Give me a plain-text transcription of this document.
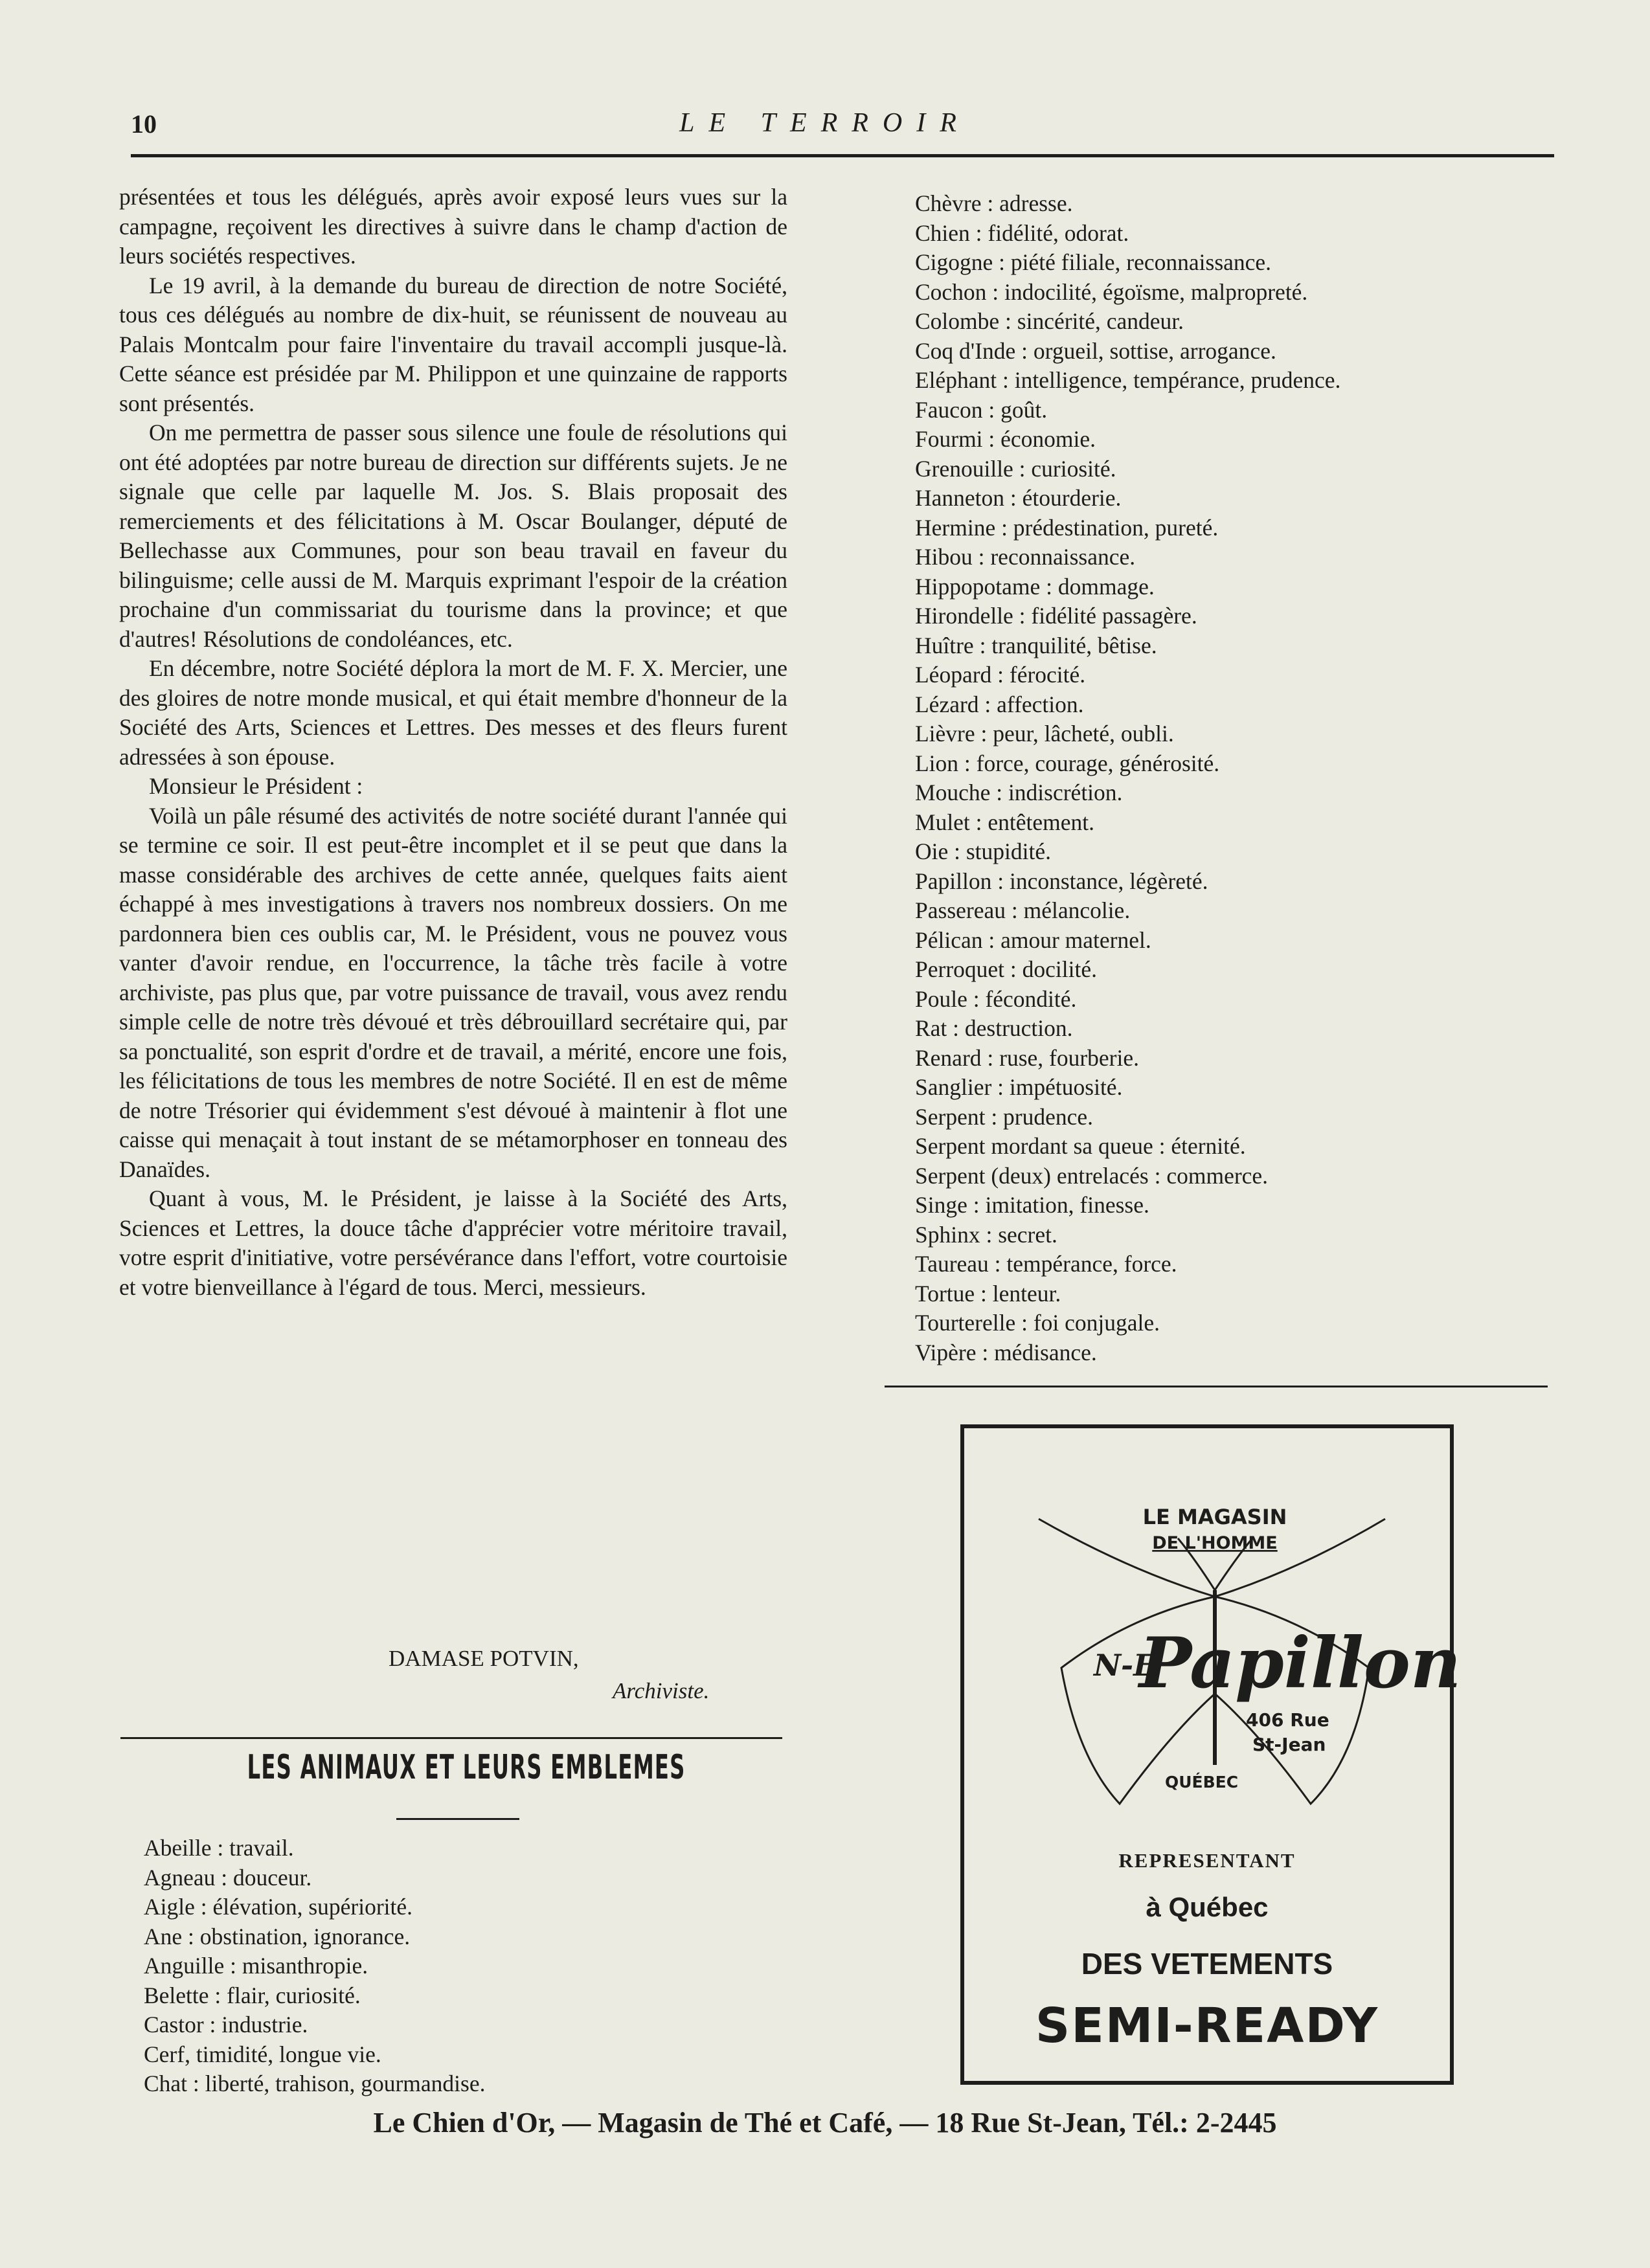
10	LE TERROIR

présentées et tous les délégués, après avoir exposé leurs vues sur la campagne, reçoivent les directives à suivre dans le champ d'action de leurs sociétés respectives.

Le 19 avril, à la demande du bureau de direction de notre Société, tous ces délégués au nombre de dix-huit, se réunissent de nouveau au Palais Montcalm pour faire l'inventaire du travail accompli jusque-là. Cette séance est présidée par M. Philippon et une quinzaine de rapports sont présentés.

On me permettra de passer sous silence une foule de résolutions qui ont été adoptées par notre bureau de direction sur différents sujets. Je ne signale que celle par laquelle M. Jos. S. Blais proposait des remerciements et des félicitations à M. Oscar Boulanger, député de Bellechasse aux Communes, pour son beau travail en faveur du bilinguisme; celle aussi de M. Marquis exprimant l'espoir de la création prochaine d'un commissariat du tourisme dans la province; et que d'autres! Résolutions de condoléances, etc.

En décembre, notre Société déplora la mort de M. F. X. Mercier, une des gloires de notre monde musical, et qui était membre d'honneur de la Société des Arts, Sciences et Lettres. Des messes et des fleurs furent adressées à son épouse.

Monsieur le Président :

Voilà un pâle résumé des activités de notre société durant l'année qui se termine ce soir. Il est peut-être incomplet et il se peut que dans la masse considérable des archives de cette année, quelques faits aient échappé à mes investigations à travers nos nombreux dossiers. On me pardonnera bien ces oublis car, M. le Président, vous ne pouvez vous vanter d'avoir rendue, en l'occurrence, la tâche très facile à votre archiviste, pas plus que, par votre puissance de travail, vous avez rendu simple celle de notre très dévoué et très débrouillard secrétaire qui, par sa ponctualité, son esprit d'ordre et de travail, a mérité, encore une fois, les félicitations de tous les membres de notre Société. Il en est de même de notre Trésorier qui évidemment s'est dévoué à maintenir à flot une caisse qui menaçait à tout instant de se métamorphoser en tonneau des Danaïdes.

Quant à vous, M. le Président, je laisse à la Société des Arts, Sciences et Lettres, la douce tâche d'apprécier votre méritoire travail, votre esprit d'initiative, votre persévérance dans l'effort, votre courtoisie et votre bienveillance à l'égard de tous. Merci, messieurs.

DAMASE POTVIN,
Archiviste.
LES ANIMAUX ET LEURS EMBLEMES
Abeille : travail.
Agneau : douceur.
Aigle : élévation, supériorité.
Ane : obstination, ignorance.
Anguille : misanthropie.
Belette : flair, curiosité.
Castor : industrie.
Cerf, timidité, longue vie.
Chat : liberté, trahison, gourmandise.
Chèvre : adresse.
Chien : fidélité, odorat.
Cigogne : piété filiale, reconnaissance.
Cochon : indocilité, égoïsme, malpropreté.
Colombe : sincérité, candeur.
Coq d'Inde : orgueil, sottise, arrogance.
Eléphant : intelligence, tempérance, prudence.
Faucon : goût.
Fourmi : économie.
Grenouille : curiosité.
Hanneton : étourderie.
Hermine : prédestination, pureté.
Hibou : reconnaissance.
Hippopotame : dommage.
Hirondelle : fidélité passagère.
Huître : tranquilité, bêtise.
Léopard : férocité.
Lézard : affection.
Lièvre : peur, lâcheté, oubli.
Lion : force, courage, générosité.
Mouche : indiscrétion.
Mulet : entêtement.
Oie : stupidité.
Papillon : inconstance, légèreté.
Passereau : mélancolie.
Pélican : amour maternel.
Perroquet : docilité.
Poule : fécondité.
Rat : destruction.
Renard : ruse, fourberie.
Sanglier : impétuosité.
Serpent : prudence.
Serpent mordant sa queue : éternité.
Serpent (deux) entrelacés : commerce.
Singe : imitation, finesse.
Sphinx : secret.
Taureau : tempérance, force.
Tortue : lenteur.
Tourterelle : foi conjugale.
Vipère : médisance.
LE MAGASIN
DE L'HOMME
N-E
Papillon
406 Rue
St-Jean
QUÉBEC
REPRESENTANT
à Québec
DES VETEMENTS
SEMI-READY
Le Chien d'Or, — Magasin de Thé et Café, — 18 Rue St-Jean, Tél.: 2-2445
